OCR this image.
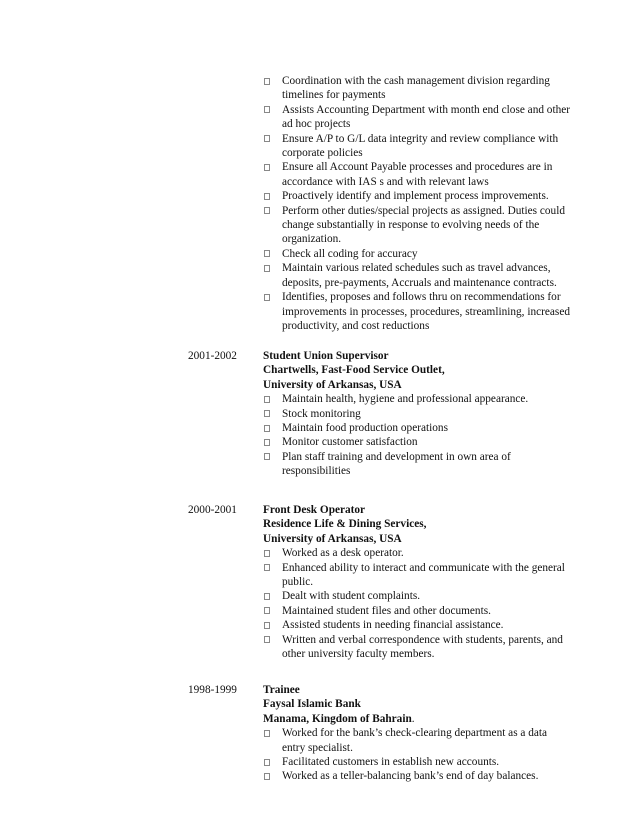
Coordination with the cash management division regarding timelines for payments
Assists Accounting Department with month end close and other ad hoc projects
Ensure A/P to G/L data integrity and review compliance with corporate policies
Ensure all Account Payable processes and procedures are in accordance with IAS s and with relevant laws
Proactively identify and implement process improvements.
Perform other duties/special projects as assigned. Duties could change substantially in response to evolving needs of the organization.
Check all coding for accuracy
Maintain various related schedules such as travel advances, deposits, pre-payments, Accruals and maintenance contracts.
Identifies, proposes and follows thru on recommendations for improvements in processes, procedures, streamlining, increased productivity, and cost reductions
2001-2002 Student Union Supervisor
Chartwells, Fast-Food Service Outlet,
University of Arkansas, USA
Maintain health, hygiene and professional appearance.
Stock monitoring
Maintain food production operations
Monitor customer satisfaction
Plan staff training and development in own area of responsibilities
2000-2001 Front Desk Operator
Residence Life & Dining Services,
University of Arkansas, USA
Worked as a desk operator.
Enhanced ability to interact and communicate with the general public.
Dealt with student complaints.
Maintained student files and other documents.
Assisted students in needing financial assistance.
Written and verbal correspondence with students, parents, and other university faculty members.
1998-1999 Trainee
Faysal Islamic Bank
Manama, Kingdom of Bahrain.
Worked for the bank’s check-clearing department as a data entry specialist.
Facilitated customers in establish new accounts.
Worked as a teller-balancing bank’s end of day balances.
